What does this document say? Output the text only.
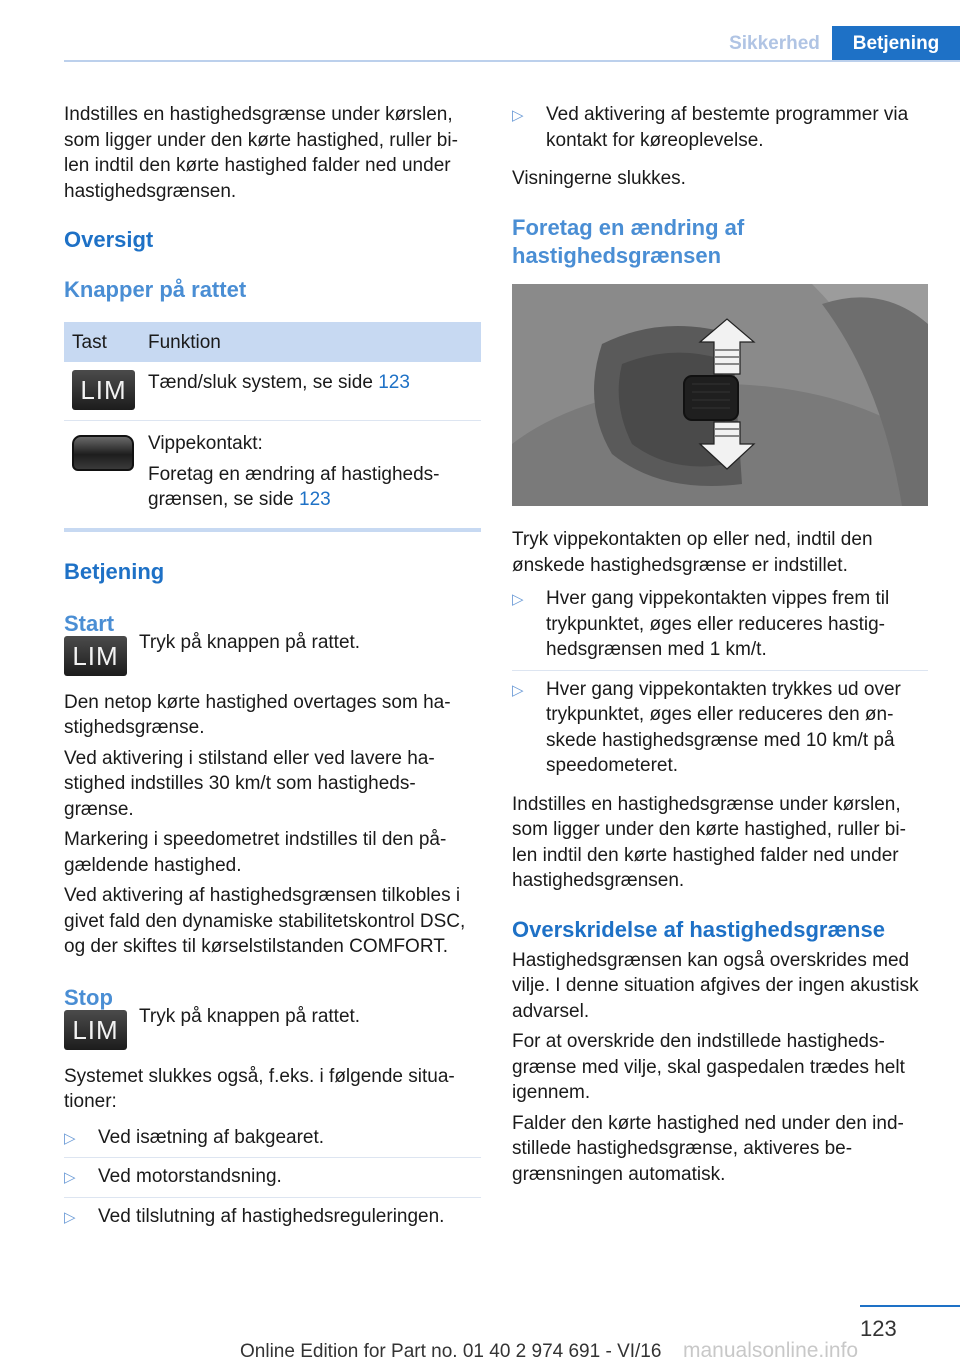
Sikkerhed	Betjening

Indstilles en hastighedsgrænse under kørslen, som ligger under den kørte hastighed, ruller bi-len indtil den kørte hastighed falder ned under hastighedsgrænsen.

Oversigt
Knapper på rattet
Tast	Funktion

LIM	Tænd/sluk system, se side 123

	Vippekontakt:

Foretag en ændring af hastigheds-grænsen, se side 123

Betjening
Start
LIM	Tryk på knappen på rattet.

Den netop kørte hastighed overtages som ha-stighedsgrænse.

Ved aktivering i stilstand eller ved lavere ha-stighed indstilles 30 km/t som hastigheds-grænse.

Markering i speedometret indstilles til den på-gældende hastighed.

Ved aktivering af hastighedsgrænsen tilkobles i givet fald den dynamiske stabilitetskontrol DSC, og der skiftes til kørselstilstanden COMFORT.

Stop
LIM	Tryk på knappen på rattet.

Systemet slukkes også, f.eks. i følgende situa-tioner:

▷ Ved isætning af bakgearet.
▷ Ved motorstandsning.
▷ Ved tilslutning af hastighedsreguleringen.
▷ Ved aktivering af bestemte programmer via kontakt for køreoplevelse.

Visningerne slukkes.

Foretag en ændring af hastighedsgrænsen

Tryk vippekontakten op eller ned, indtil den ønskede hastighedsgrænse er indstillet.

▷ Hver gang vippekontakten vippes frem til trykpunktet, øges eller reduceres hastig-hedsgrænsen med 1 km/t.
▷ Hver gang vippekontakten trykkes ud over trykpunktet, øges eller reduceres den øn-skede hastighedsgrænse med 10 km/t på speedometeret.

Indstilles en hastighedsgrænse under kørslen, som ligger under den kørte hastighed, ruller bi-len indtil den kørte hastighed falder ned under hastighedsgrænsen.

Overskridelse af hastighedsgrænse

Hastighedsgrænsen kan også overskrides med vilje. I denne situation afgives der ingen akustisk advarsel.

For at overskride den indstillede hastigheds-grænse med vilje, skal gaspedalen trædes helt igennem.

Falder den kørte hastighed ned under den ind-stillede hastighedsgrænse, aktiveres be-grænsningen automatisk.

123
Online Edition for Part no. 01 40 2 974 691 - VI/16 manualsonline.info
